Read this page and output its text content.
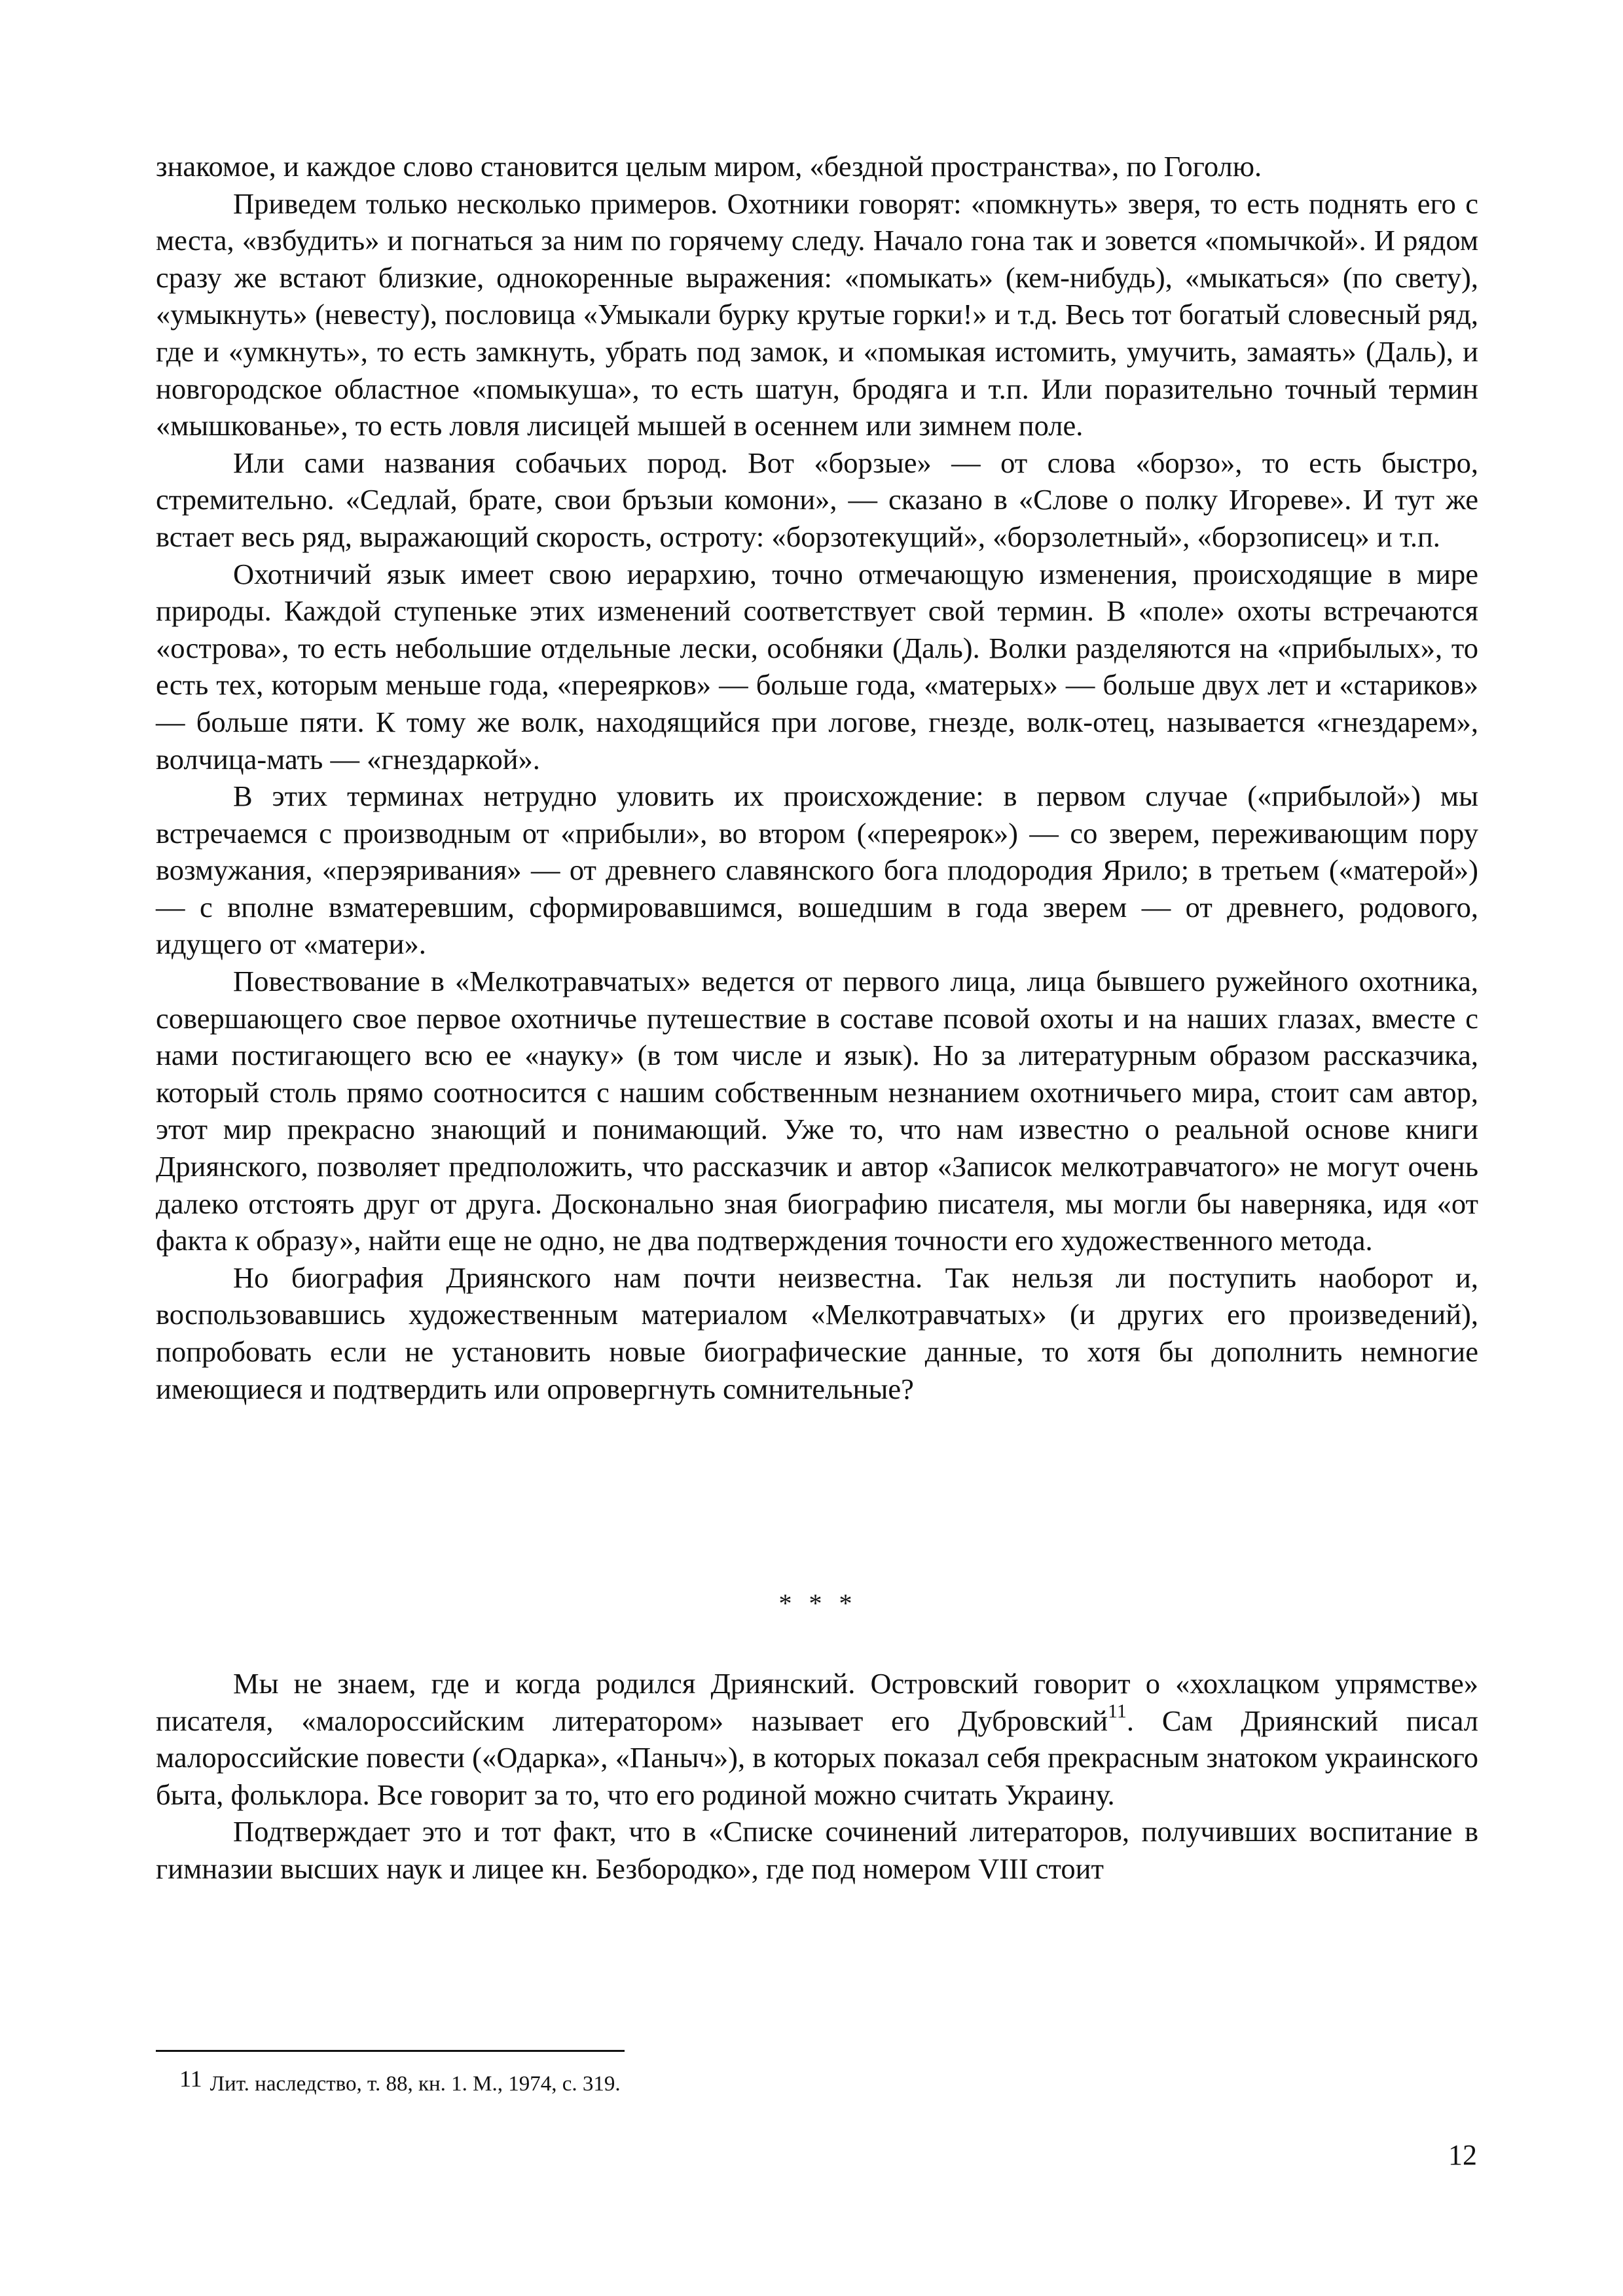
знакомое, и каждое слово становится целым миром, «бездной пространства», по Гоголю.

Приведем только несколько примеров. Охотники говорят: «помкнуть» зверя, то есть поднять его с места, «взбудить» и погнаться за ним по горячему следу. Начало гона так и зовется «помычкой». И рядом сразу же встают близкие, однокоренные выражения: «помыкать» (кем-нибудь), «мыкаться» (по свету), «умыкнуть» (невесту), пословица «Умыкали бурку крутые горки!» и т.д. Весь тот богатый словесный ряд, где и «умкнуть», то есть замкнуть, убрать под замок, и «помыкая истомить, умучить, замаять» (Даль), и новгородское областное «помыкуша», то есть шатун, бродяга и т.п. Или поразительно точный термин «мышкованье», то есть ловля лисицей мышей в осеннем или зимнем поле.

Или сами названия собачьих пород. Вот «борзые» — от слова «борзо», то есть быстро, стремительно. «Седлай, брате, свои бръзыи комони», — сказано в «Слове о полку Игореве». И тут же встает весь ряд, выражающий скорость, остроту: «борзотекущий», «борзолетный», «борзописец» и т.п.

Охотничий язык имеет свою иерархию, точно отмечающую изменения, происходящие в мире природы. Каждой ступеньке этих изменений соответствует свой термин. В «поле» охоты встречаются «острова», то есть небольшие отдельные лески, особняки (Даль). Волки разделяются на «прибылых», то есть тех, которым меньше года, «переярков» — больше года, «матерых» — больше двух лет и «стариков» — больше пяти. К тому же волк, находящийся при логове, гнезде, волк-отец, называется «гнездарем», волчица-мать — «гнездаркой».

В этих терминах нетрудно уловить их происхождение: в первом случае («прибылой») мы встречаемся с производным от «прибыли», во втором («переярок») — со зверем, переживающим пору возмужания, «перэяривания» — от древнего славянского бога плодородия Ярило; в третьем («матерой») — с вполне взматеревшим, сформировавшимся, вошедшим в года зверем — от древнего, родового, идущего от «матери».

Повествование в «Мелкотравчатых» ведется от первого лица, лица бывшего ружейного охотника, совершающего свое первое охотничье путешествие в составе псовой охоты и на наших глазах, вместе с нами постигающего всю ее «науку» (в том числе и язык). Но за литературным образом рассказчика, который столь прямо соотносится с нашим собственным незнанием охотничьего мира, стоит сам автор, этот мир прекрасно знающий и понимающий. Уже то, что нам известно о реальной основе книги Дриянского, позволяет предположить, что рассказчик и автор «Записок мелкотравчатого» не могут очень далеко отстоять друг от друга. Досконально зная биографию писателя, мы могли бы наверняка, идя «от факта к образу», найти еще не одно, не два подтверждения точности его художественного метода.

Но биография Дриянского нам почти неизвестна. Так нельзя ли поступить наоборот и, воспользовавшись художественным материалом «Мелкотравчатых» (и других его произведений), попробовать если не установить новые биографические данные, то хотя бы дополнить немногие имеющиеся и подтвердить или опровергнуть сомнительные?

* * *

Мы не знаем, где и когда родился Дриянский. Островский говорит о «хохлацком упрямстве» писателя, «малороссийским литератором» называет его Дубровский$^{11}$. Сам Дриянский писал малороссийские повести («Одарка», «Паныч»), в которых показал себя прекрасным знатоком украинского быта, фольклора. Все говорит за то, что его родиной можно считать Украину.

Подтверждает это и тот факт, что в «Списке сочинений литераторов, получивших воспитание в гимназии высших наук и лицее кн. Безбородко», где под номером VIII стоит

11 Лит. наследство, т. 88, кн. 1. М., 1974, с. 319.
12
